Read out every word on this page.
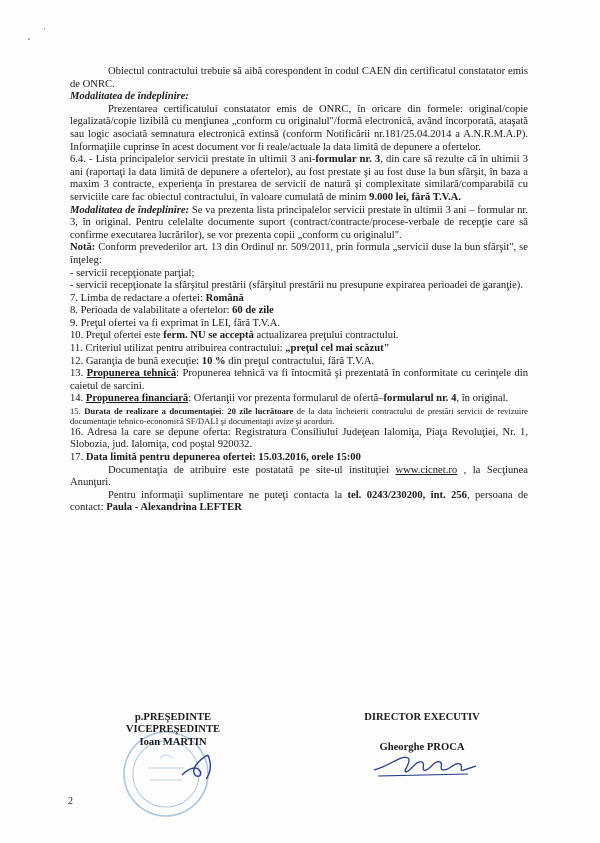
Obiectul contractului trebuie să aibă corespondent în codul CAEN din certificatul constatator emis de ONRC.

Modalitatea de îndeplinire:

Prezentarea certificatului constatator emis de ONRC, în oricare din formele: original/copie legalizată/copie lizibilă cu menţiunea „conform cu originalul"/formă electronică, având încorporată, ataşată sau logic asociată semnatura electronică extinsă (conform Notificării nr.181/25.04.2014 a A.N.R.M.A.P). Informaţiile cuprinse în acest document vor fi reale/actuale la data limită de depunere a ofertelor.

6.4. - Lista principalelor servicii prestate în ultimii 3 ani-formular nr. 3, din care să rezulte că în ultimii 3 ani (raportaţi la data limită de depunere a ofertelor), au fost prestate şi au fost duse la bun sfârşit, în baza a maxim 3 contracte, experienţa în prestarea de servicii de natură şi complexitate similară/comparabilă cu serviciile care fac obiectul contractului, în valoare cumulată de minim 9.000 lei, fără T.V.A.

Modalitatea de îndeplinire: Se va prezenta lista principalelor servicii prestate în ultimii 3 ani – formular nr. 3, în original. Pentru celelalte documente suport (contract/contracte/procese-verbale de recepţie care să confirme executarea lucrărilor), se vor prezenta copii „conform cu originalul".

Notă: Conform prevederilor art. 13 din Ordinul nr. 509/2011, prin formula „servicii duse la bun sfârşit", se înţeleg:

- servicii recepţionate parţial;

- servicii recepţionate la sfârşitul prestării (sfârşitul prestării nu presupune expirarea perioadei de garanţie).

7. Limba de redactare a ofertei: Română

8. Perioada de valabilitate a ofertelor: 60 de zile

9. Preţul ofertei va fi exprimat în LEI, fără T.V.A.

10. Preţul ofertei este ferm. NU se acceptă actualizarea preţului contractului.

11. Criteriul utilizat pentru atribuirea contractului: „preţul cel mai scăzut"

12. Garanţia de bună execuţie: 10 % din preţul contractului, fără T.V.A.

13. Propunerea tehnică: Propunerea tehnică va fi întocmită şi prezentată în conformitate cu cerinţele din caietul de sarcini.

14. Propunerea financiară: Ofertanţii vor prezenta formularul de ofertă–formularul nr. 4, în original.

15. Durata de realizare a documentaţiei: 20 zile lucrătoare de la data încheierii contractului de prestări servicii de revizuire documentaţie tehnico-economică SF/DALI şi documentaţii avize şi acorduri.

16. Adresa la care se depune oferta: Registratura Consiliului Judeţean Ialomiţa, Piaţa Revoluţiei, Nr. 1, Slobozia, jud. Ialomiţa, cod poştal 920032.

17. Data limită pentru depunerea ofertei: 15.03.2016, orele 15:00

Documentaţia de atribuire este postatată pe site-ul instituţiei www.cicnet.ro , la Secţiunea Anunţuri.

Pentru informaţii suplimentare ne puteţi contacta la tel. 0243/230200, int. 256, persoana de contact: Paula - Alexandrina LEFTER

p.PREŞEDINTE
VICEPREŞEDINTE
Ioan MARTIN
DIRECTOR EXECUTIV
Gheorghe PROCA
2
